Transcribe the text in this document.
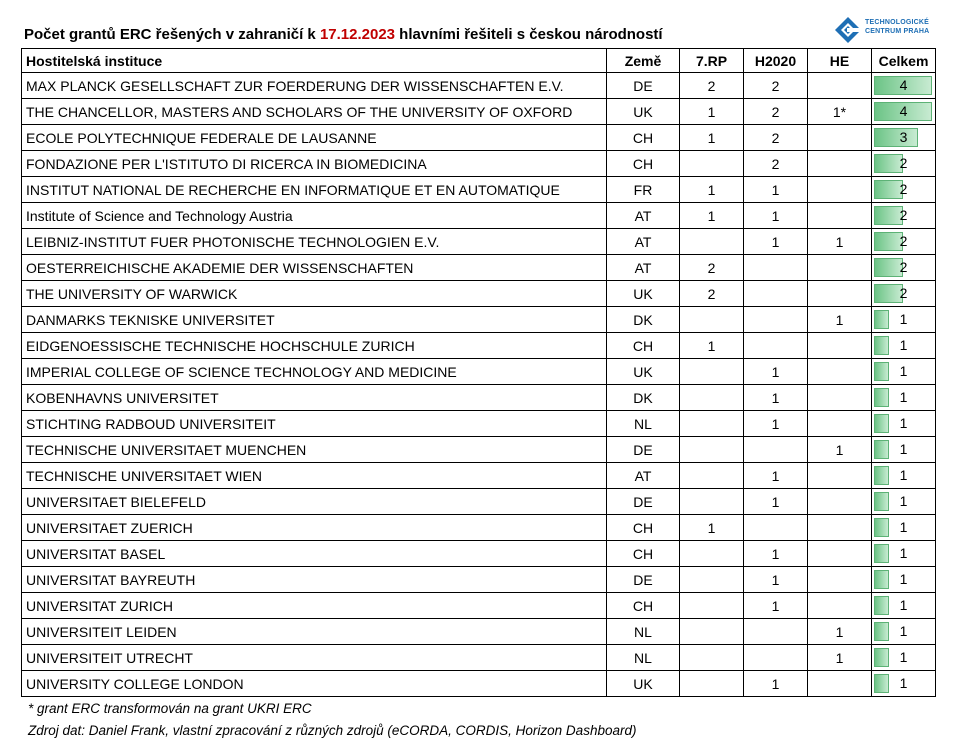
Počet grantů ERC řešených v zahraničí k 17.12.2023 hlavními řešiteli s českou národností
TECHNOLOGICKÉ
CENTRUM PRAHA
Hostitelská instituce	Země	7.RP	H2020	HE	Celkem
MAX PLANCK GESELLSCHAFT ZUR FOERDERUNG DER WISSENSCHAFTEN E.V.	DE	2	2		4

THE CHANCELLOR, MASTERS AND SCHOLARS OF THE UNIVERSITY OF OXFORD	UK	1	2	1*	4

ECOLE POLYTECHNIQUE FEDERALE DE LAUSANNE	CH	1	2		3

FONDAZIONE PER L'ISTITUTO DI RICERCA IN BIOMEDICINA	CH		2		2

INSTITUT NATIONAL DE RECHERCHE EN INFORMATIQUE ET EN AUTOMATIQUE	FR	1	1		2

Institute of Science and Technology Austria	AT	1	1		2

LEIBNIZ-INSTITUT FUER PHOTONISCHE TECHNOLOGIEN E.V.	AT		1	1	2

OESTERREICHISCHE AKADEMIE DER WISSENSCHAFTEN	AT	2			2

THE UNIVERSITY OF WARWICK	UK	2			2

DANMARKS TEKNISKE UNIVERSITET	DK			1	1

EIDGENOESSISCHE TECHNISCHE HOCHSCHULE ZURICH	CH	1			1

IMPERIAL COLLEGE OF SCIENCE TECHNOLOGY AND MEDICINE	UK		1		1

KOBENHAVNS UNIVERSITET	DK		1		1

STICHTING RADBOUD UNIVERSITEIT	NL		1		1

TECHNISCHE UNIVERSITAET MUENCHEN	DE			1	1

TECHNISCHE UNIVERSITAET WIEN	AT		1		1

UNIVERSITAET BIELEFELD	DE		1		1

UNIVERSITAET ZUERICH	CH	1			1

UNIVERSITAT BASEL	CH		1		1

UNIVERSITAT BAYREUTH	DE		1		1

UNIVERSITAT ZURICH	CH		1		1

UNIVERSITEIT LEIDEN	NL			1	1

UNIVERSITEIT UTRECHT	NL			1	1

UNIVERSITY COLLEGE LONDON	UK		1		1
* grant ERC transformován na grant UKRI ERC
Zdroj dat: Daniel Frank, vlastní zpracování z různých zdrojů (eCORDA, CORDIS, Horizon Dashboard)
